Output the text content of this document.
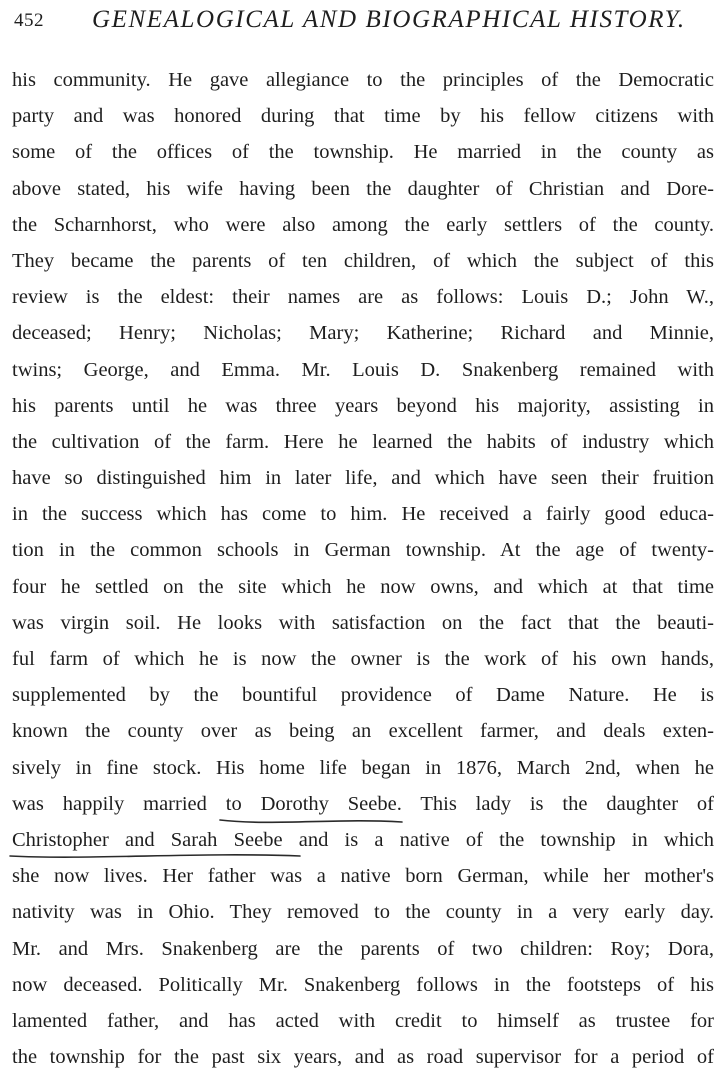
452 GENEALOGICAL AND BIOGRAPHICAL HISTORY.
his community. He gave allegiance to the principles of the Democratic
party and was honored during that time by his fellow citizens with
some of the offices of the township. He married in the county as
above stated, his wife having been the daughter of Christian and Dore-
the Scharnhorst, who were also among the early settlers of the county.
They became the parents of ten children, of which the subject of this
review is the eldest: their names are as follows: Louis D.; John W.,
deceased; Henry; Nicholas; Mary; Katherine; Richard and Minnie,
twins; George, and Emma. Mr. Louis D. Snakenberg remained with
his parents until he was three years beyond his majority, assisting in
the cultivation of the farm. Here he learned the habits of industry which
have so distinguished him in later life, and which have seen their fruition
in the success which has come to him. He received a fairly good educa-
tion in the common schools in German township. At the age of twenty-
four he settled on the site which he now owns, and which at that time
was virgin soil. He looks with satisfaction on the fact that the beauti-
ful farm of which he is now the owner is the work of his own hands,
supplemented by the bountiful providence of Dame Nature. He is
known the county over as being an excellent farmer, and deals exten-
sively in fine stock. His home life began in 1876, March 2nd, when he
was happily married to Dorothy Seebe. This lady is the daughter of
Christopher and Sarah Seebe and is a native of the township in which
she now lives. Her father was a native born German, while her mother's
nativity was in Ohio. They removed to the county in a very early day.
Mr. and Mrs. Snakenberg are the parents of two children: Roy; Dora,
now deceased. Politically Mr. Snakenberg follows in the footsteps of his
lamented father, and has acted with credit to himself as trustee for
the township for the past six years, and as road supervisor for a period of
